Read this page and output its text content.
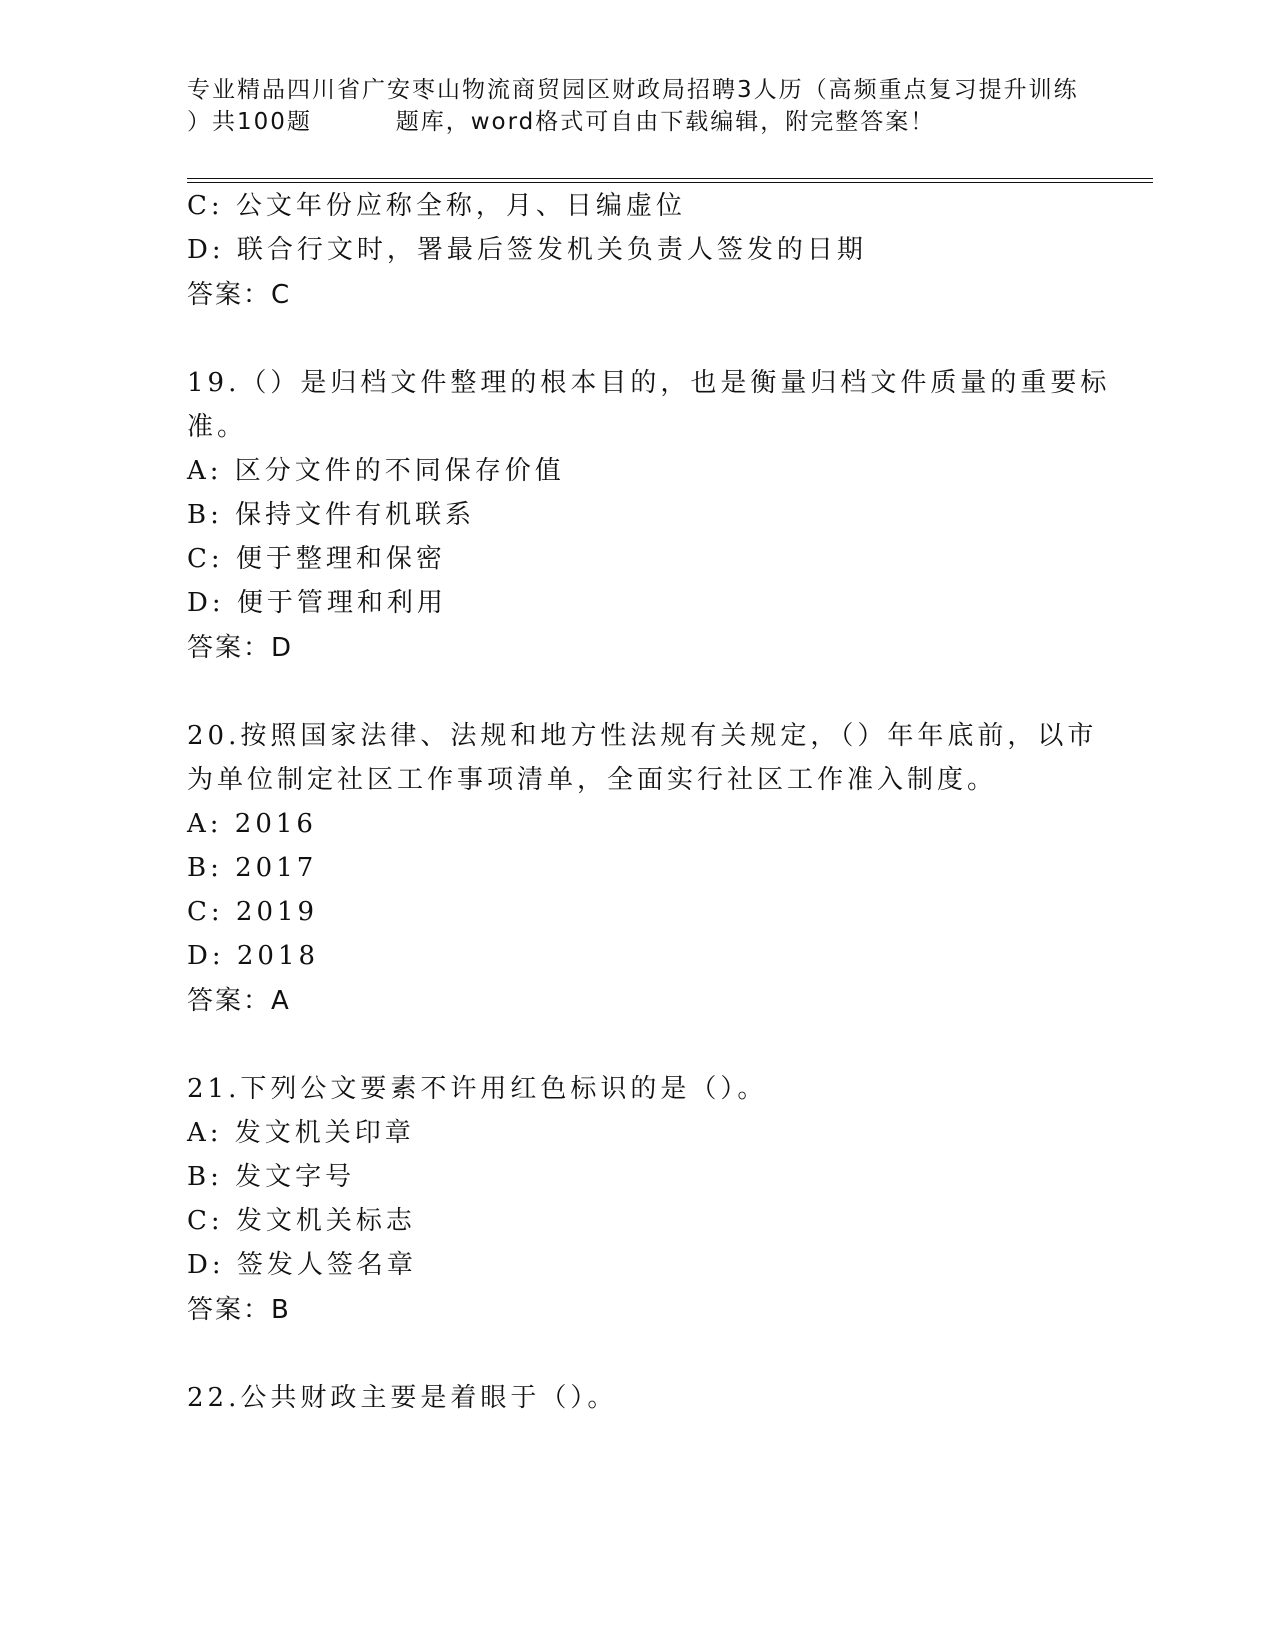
专业精品四川省广安枣山物流商贸园区财政局招聘3人历（高频重点复习提升训练
）共100题         题库，word格式可自由下载编辑，附完整答案！
C: 公文年份应称全称，月、日编虚位
D: 联合行文时，署最后签发机关负责人签发的日期
答案：C
19.（）是归档文件整理的根本目的，也是衡量归档文件质量的重要标
准。
A: 区分文件的不同保存价值
B: 保持文件有机联系
C: 便于整理和保密
D: 便于管理和利用
答案：D
20.按照国家法律、法规和地方性法规有关规定，（）年年底前，以市
为单位制定社区工作事项清单，全面实行社区工作准入制度。
A: 2016
B: 2017
C: 2019
D: 2018
答案：A
21.下列公文要素不许用红色标识的是（）。
A: 发文机关印章
B: 发文字号
C: 发文机关标志
D: 签发人签名章
答案：B
22.公共财政主要是着眼于（）。
